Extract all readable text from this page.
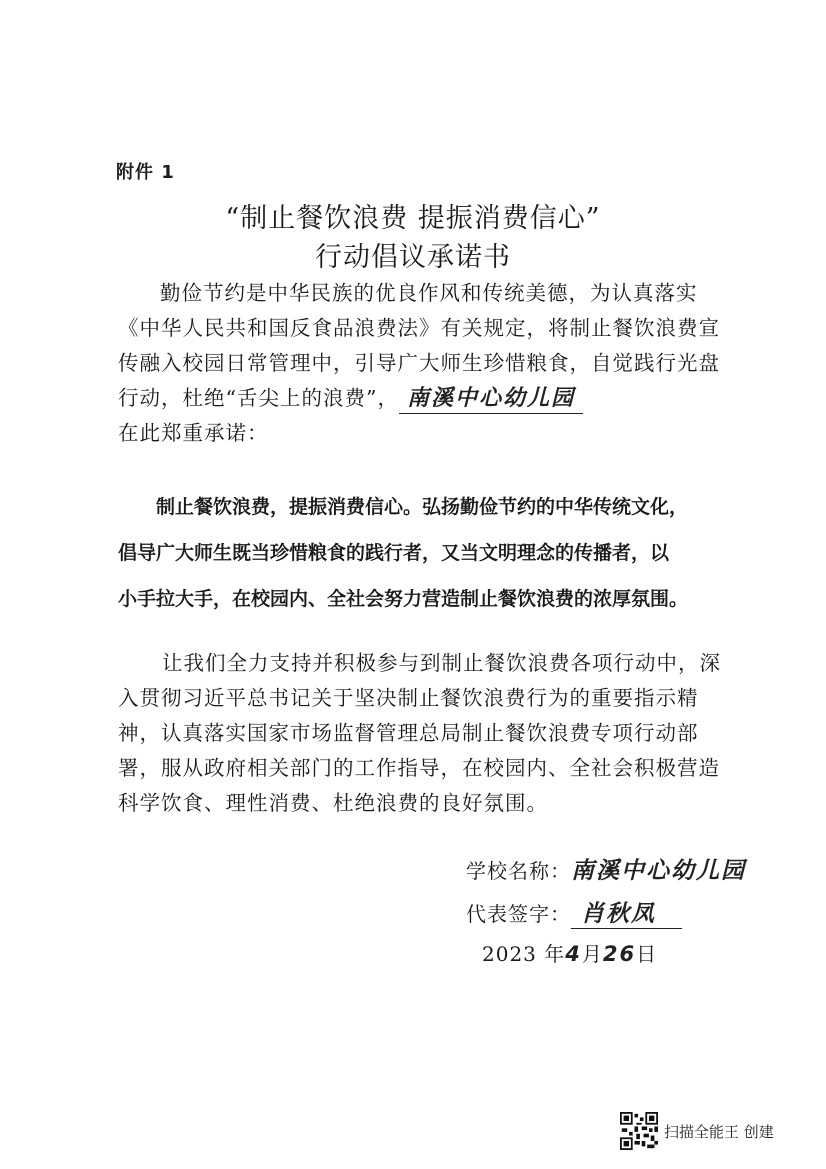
附件 1
“制止餐饮浪费 提振消费信心”
行动倡议承诺书
勤俭节约是中华民族的优良作风和传统美德，为认真落实
《中华人民共和国反食品浪费法》有关规定，将制止餐饮浪费宣
传融入校园日常管理中，引导广大师生珍惜粮食，自觉践行光盘
行动，杜绝“舌尖上的浪费”， 南溪中心幼儿园
在此郑重承诺：
制止餐饮浪费，提振消费信心。弘扬勤俭节约的中华传统文化，
倡导广大师生既当珍惜粮食的践行者，又当文明理念的传播者，以
小手拉大手，在校园内、全社会努力营造制止餐饮浪费的浓厚氛围。
让我们全力支持并积极参与到制止餐饮浪费各项行动中，深
入贯彻习近平总书记关于坚决制止餐饮浪费行为的重要指示精
神，认真落实国家市场监督管理总局制止餐饮浪费专项行动部
署，服从政府相关部门的工作指导，在校园内、全社会积极营造
科学饮食、理性消费、杜绝浪费的良好氛围。
学校名称：南溪中心幼儿园
代表签字： 肖秋凤
2023 年4月26日
扫描全能王 创建
